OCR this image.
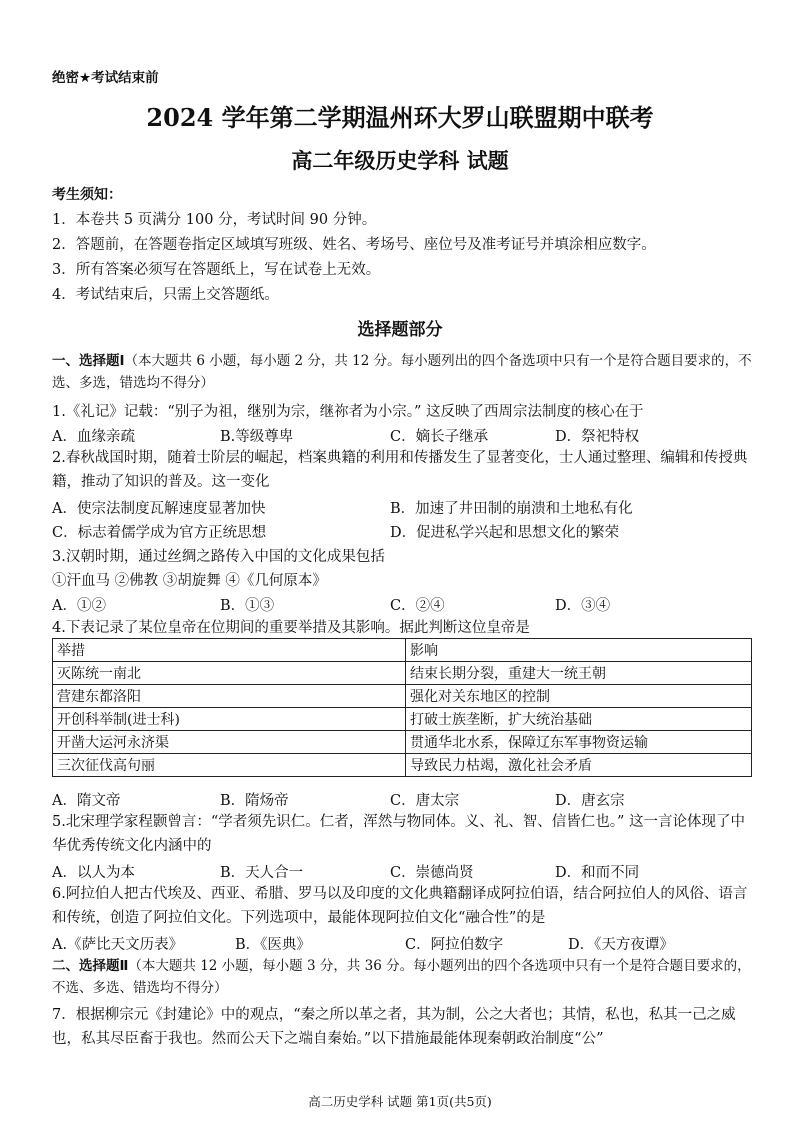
绝密★考试结束前
2024 学年第二学期温州环大罗山联盟期中联考
高二年级历史学科 试题
考生须知：
1．本卷共 5 页满分 100 分，考试时间 90 分钟。
2．答题前，在答题卷指定区域填写班级、姓名、考场号、座位号及准考证号并填涂相应数字。
3．所有答案必须写在答题纸上，写在试卷上无效。
4．考试结束后，只需上交答题纸。
选择题部分
一、选择题Ⅰ（本大题共 6 小题，每小题 2 分，共 12 分。每小题列出的四个备选项中只有一个是符合题目要求的，不选、多选，错选均不得分）
1.《礼记》记载：“别子为祖，继别为宗，继祢者为小宗。” 这反映了西周宗法制度的核心在于
A．血缘亲疏	B.等级尊卑	C．嫡长子继承	D．祭祀特权
2.春秋战国时期，随着士阶层的崛起，档案典籍的利用和传播发生了显著变化，士人通过整理、编辑和传授典籍，推动了知识的普及。这一变化
A．使宗法制度瓦解速度显著加快	B．加速了井田制的崩溃和土地私有化
C．标志着儒学成为官方正统思想	D．促进私学兴起和思想文化的繁荣
3.汉朝时期，通过丝绸之路传入中国的文化成果包括
①汗血马 ②佛教 ③胡旋舞 ④《几何原本》
A．①②	B．①③	C．②④	D．③④
4.下表记录了某位皇帝在位期间的重要举措及其影响。据此判断这位皇帝是
举措	影响
灭陈统一南北	结束长期分裂，重建大一统王朝
营建东都洛阳	强化对关东地区的控制
开创科举制(进士科)	打破士族垄断，扩大统治基础
开凿大运河永济渠	贯通华北水系，保障辽东军事物资运输
三次征伐高句丽	导致民力枯竭，激化社会矛盾
A．隋文帝	B．隋炀帝	C．唐太宗	D．唐玄宗
5.北宋理学家程颢曾言：“学者须先识仁。仁者，浑然与物同体。义、礼、智、信皆仁也。” 这一言论体现了中华优秀传统文化内涵中的
A．以人为本	B．天人合一	C．崇德尚贤	D．和而不同
6.阿拉伯人把古代埃及、西亚、希腊、罗马以及印度的文化典籍翻译成阿拉伯语，结合阿拉伯人的风俗、语言和传统，创造了阿拉伯文化。下列选项中，最能体现阿拉伯文化“融合性”的是
A.《萨比天文历表》	B．《医典》	C．阿拉伯数字	D．《天方夜谭》
二、选择题Ⅱ（本大题共 12 小题，每小题 3 分，共 36 分。每小题列出的四个各选项中只有一个是符合题目要求的，不选、多选、错选均不得分）
7．根据柳宗元《封建论》中的观点，“秦之所以革之者，其为制，公之大者也；其情，私也，私其一己之威也，私其尽臣畜于我也。然而公天下之端自秦始。”以下措施最能体现秦朝政治制度“公”
高二历史学科 试题 第1页(共5页)
